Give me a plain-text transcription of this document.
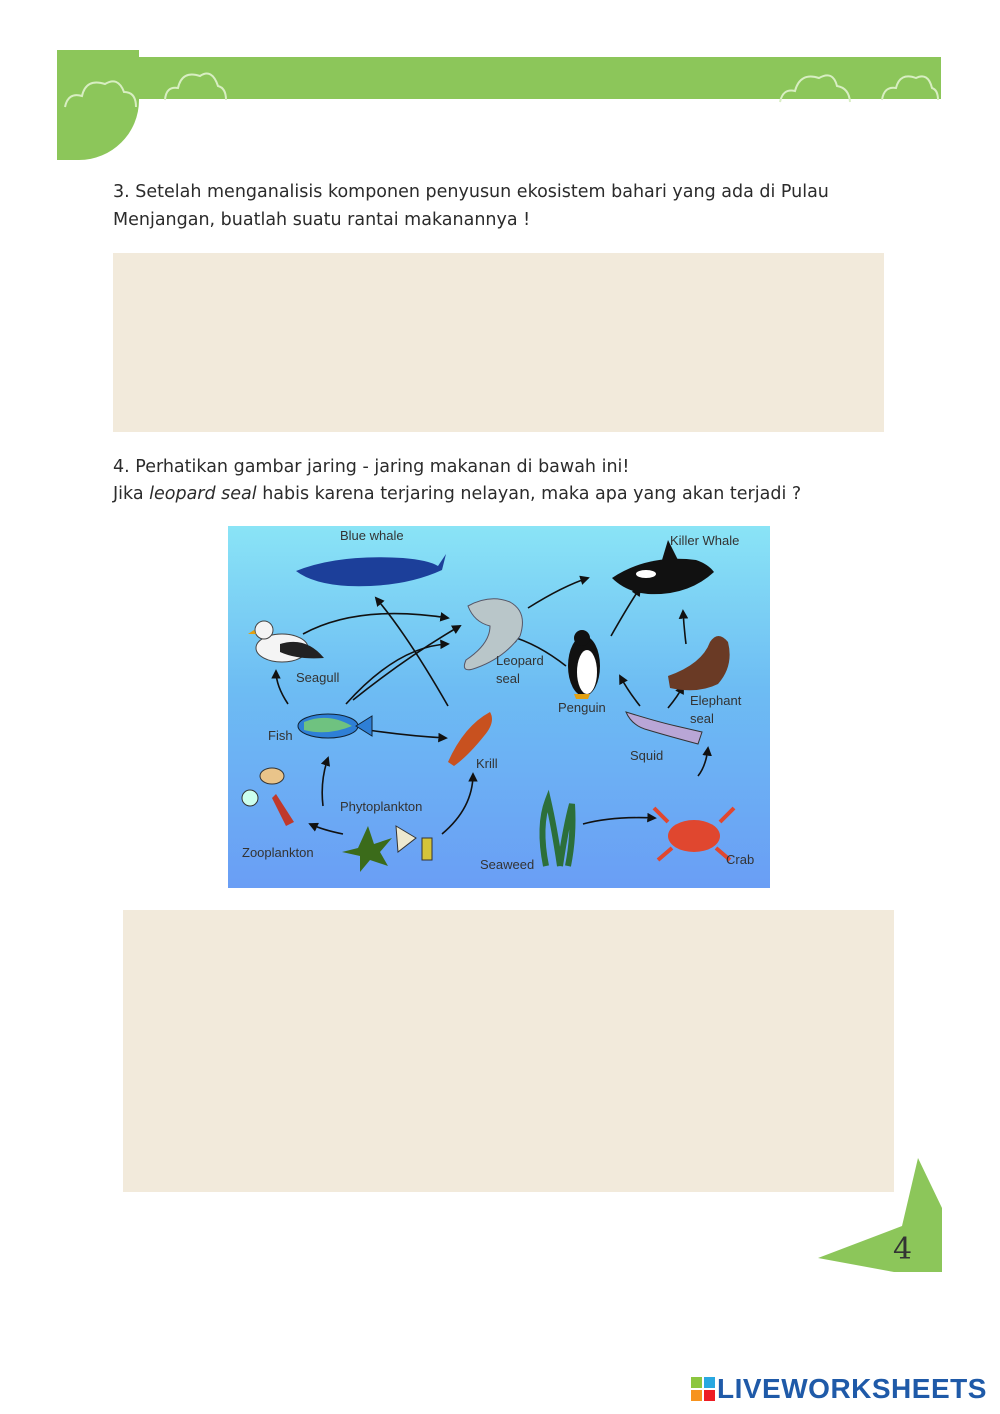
3. Setelah menganalisis komponen penyusun ekosistem bahari yang ada di Pulau Menjangan, buatlah suatu rantai makanannya !

4. Perhatikan gambar jaring - jaring makanan di bawah ini!
Jika leopard seal habis karena terjaring nelayan, maka apa yang akan terjadi ?

Blue whale	Killer Whale
Seagull
Leopard
seal
Penguin	Elephant
seal
Fish
Squid
Krill
Phytoplankton
Zooplankton
Seaweed	Crab
4
LIVEWORKSHEETS
